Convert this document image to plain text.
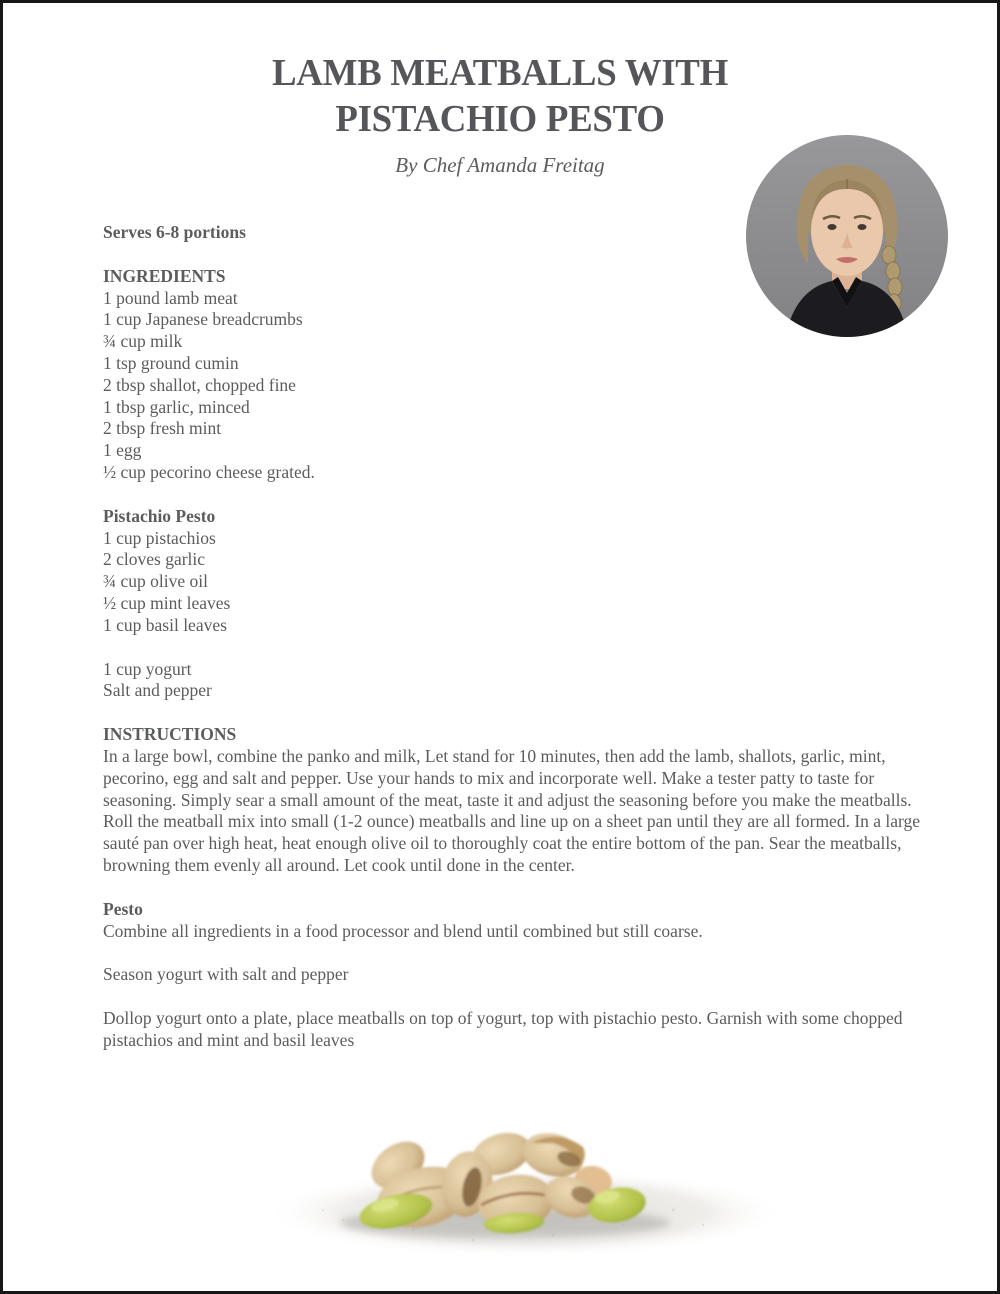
LAMB MEATBALLS WITH
PISTACHIO PESTO
By Chef Amanda Freitag
Serves 6-8 portions
INGREDIENTS
1 pound lamb meat
1 cup Japanese breadcrumbs
¾ cup milk
1 tsp ground cumin
2 tbsp shallot, chopped fine
1 tbsp garlic, minced
2 tbsp fresh mint
1 egg
½ cup pecorino cheese grated.
Pistachio Pesto
1 cup pistachios
2 cloves garlic
¾ cup olive oil
½ cup mint leaves
1 cup basil leaves
1 cup yogurt
Salt and pepper
INSTRUCTIONS

In a large bowl, combine the panko and milk, Let stand for 10 minutes, then add the lamb, shallots, garlic, mint, pecorino, egg and salt and pepper. Use your hands to mix and incorporate well. Make a tester patty to taste for seasoning. Simply sear a small amount of the meat, taste it and adjust the seasoning before you make the meatballs. Roll the meatball mix into small (1-2 ounce) meatballs and line up on a sheet pan until they are all formed. In a large sauté pan over high heat, heat enough olive oil to thoroughly coat the entire bottom of the pan. Sear the meatballs, browning them evenly all around. Let cook until done in the center.

Pesto

Combine all ingredients in a food processor and blend until combined but still coarse.

Season yogurt with salt and pepper

Dollop yogurt onto a plate, place meatballs on top of yogurt, top with pistachio pesto. Garnish with some chopped pistachios and mint and basil leaves
